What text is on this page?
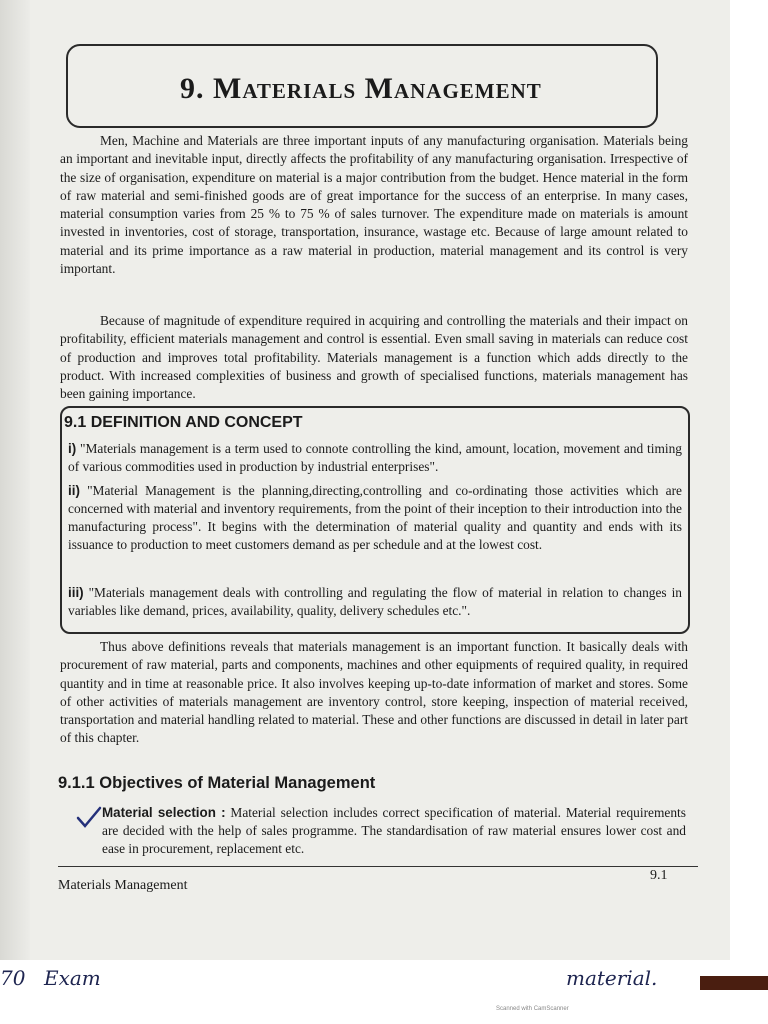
9. Materials Management

Men, Machine and Materials are three important inputs of any manufacturing organisation. Materials being an important and inevitable input, directly affects the profitability of any manufacturing organisation. Irrespective of the size of organisation, expenditure on material is a major contribution from the budget. Hence material in the form of raw material and semi-finished goods are of great importance for the success of an enterprise. In many cases, material consumption varies from 25 % to 75 % of sales turnover. The expenditure made on materials is amount invested in inventories, cost of storage, transportation, insurance, wastage etc. Because of large amount related to material and its prime importance as a raw material in production, material management and its control is very important.

Because of magnitude of expenditure required in acquiring and controlling the materials and their impact on profitability, efficient materials management and control is essential. Even small saving in materials can reduce cost of production and improves total profitability. Materials management is a function which adds directly to the product. With increased complexities of business and growth of specialised functions, materials management has been gaining importance.

9.1 DEFINITION AND CONCEPT

i) "Materials management is a term used to connote controlling the kind, amount, location, movement and timing of various commodities used in production by industrial enterprises".

ii) "Material Management is the planning,directing,controlling and co-ordinating those activities which are concerned with material and inventory requirements, from the point of their inception to their introduction into the manufacturing process". It begins with the determination of material quality and quantity and ends with its issuance to production to meet customers demand as per schedule and at the lowest cost.

iii) "Materials management deals with controlling and regulating the flow of material in relation to changes in variables like demand, prices, availability, quality, delivery schedules etc.".

Thus above definitions reveals that materials management is an important function. It basically deals with procurement of raw material, parts and components, machines and other equipments of required quality, in required quantity and in time at reasonable price. It also involves keeping up-to-date information of market and stores. Some of other activities of materials management are inventory control, store keeping, inspection of material received, transportation and material handling related to material. These and other functions are discussed in detail in later part of this chapter.

9.1.1 Objectives of Material Management

Material selection : Material selection includes correct specification of material. Material requirements are decided with the help of sales programme. The standardisation of raw material ensures lower cost and ease in procurement, replacement etc.

Materials Management
9.1
70 Exam	material.
Scanned with CamScanner
